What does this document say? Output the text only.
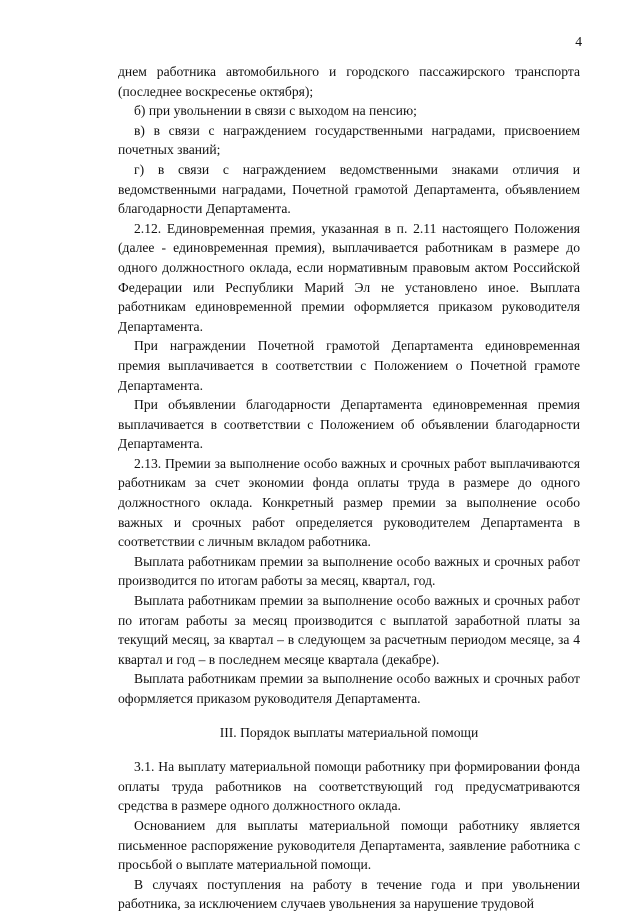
4

днем работника автомобильного и городского пассажирского транспорта (последнее воскресенье октября);

б) при увольнении в связи с выходом на пенсию;

в) в связи с награждением государственными наградами, присвоением почетных званий;

г) в связи с награждением ведомственными знаками отличия и ведомственными наградами, Почетной грамотой Департамента, объявлением благодарности Департамента.

2.12. Единовременная премия, указанная в п. 2.11 настоящего Положения (далее - единовременная премия), выплачивается работникам в размере до одного должностного оклада, если нормативным правовым актом Российской Федерации или Республики Марий Эл не установлено иное. Выплата работникам единовременной премии оформляется приказом руководителя Департамента.

При награждении Почетной грамотой Департамента единовременная премия выплачивается в соответствии с Положением о Почетной грамоте Департамента.

При объявлении благодарности Департамента единовременная премия выплачивается в соответствии с Положением об объявлении благодарности Департамента.

2.13. Премии за выполнение особо важных и срочных работ выплачиваются работникам за счет экономии фонда оплаты труда в размере до одного должностного оклада. Конкретный размер премии за выполнение особо важных и срочных работ определяется руководителем Департамента в соответствии с личным вкладом работника.

Выплата работникам премии за выполнение особо важных и срочных работ производится по итогам работы за месяц, квартал, год.

Выплата работникам премии за выполнение особо важных и срочных работ по итогам работы за месяц производится с выплатой заработной платы за текущий месяц, за квартал – в следующем за расчетным периодом месяце, за 4 квартал и год – в последнем месяце квартала (декабре).

Выплата работникам премии за выполнение особо важных и срочных работ оформляется приказом руководителя Департамента.

III. Порядок выплаты материальной помощи

3.1. На выплату материальной помощи работнику при формировании фонда оплаты труда работников на соответствующий год предусматриваются средства в размере одного должностного оклада.

Основанием для выплаты материальной помощи работнику является письменное распоряжение руководителя Департамента, заявление работника с просьбой о выплате материальной помощи.

В случаях поступления на работу в течение года и при увольнении работника, за исключением случаев увольнения за нарушение трудовой
